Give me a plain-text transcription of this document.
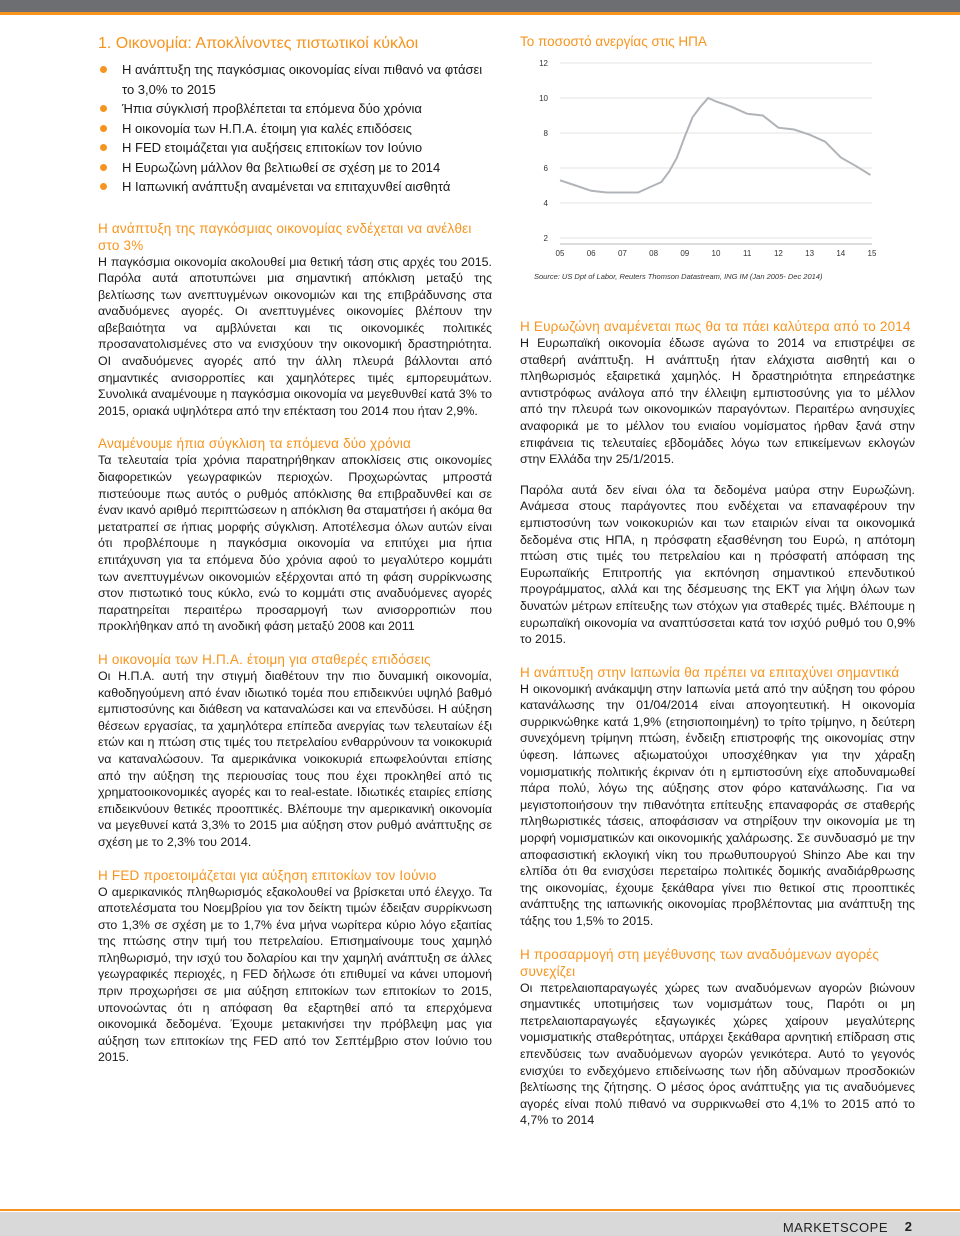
1. Οικονομία: Αποκλίνοντες πιστωτικοί κύκλοι
Η ανάπτυξη της παγκόσμιας οικονομίας είναι πιθανό να φτάσει το 3,0% το 2015
Ήπια σύγκλισή προβλέπεται τα επόμενα δύο χρόνια
Η οικονομία των Η.Π.Α. έτοιμη για καλές επιδόσεις
Η FED ετοιμάζεται για αυξήσεις επιτοκίων τον Ιούνιο
Η Ευρωζώνη μάλλον θα βελτιωθεί σε σχέση με το 2014
Η Ιαπωνική ανάπτυξη αναμένεται να επιταχυνθεί αισθητά
Η ανάπτυξη της παγκόσμιας οικονομίας ενδέχεται να ανέλθει στο 3%

Η παγκόσμια οικονομία ακολουθεί μια θετική τάση στις αρχές του 2015. Παρόλα αυτά αποτυπώνει μια σημαντική απόκλιση μεταξύ της βελτίωσης των ανεπτυγμένων οικονομιών και της επιβράδυνσης στα αναδυόμενες αγορές. Οι ανεπτυγμένες οικονομίες βλέπουν την αβεβαιότητα να αμβλύνεται και τις οικονομικές πολιτικές προσανατολισμένες στο να ενισχύουν την οικονομική δραστηριότητα. ΟΙ αναδυόμενες αγορές από την άλλη πλευρά βάλλονται από σημαντικές ανισορροπίες και χαμηλότερες τιμές εμπορευμάτων. Συνολικά αναμένουμε η παγκόσμια οικονομία να μεγεθυνθεί κατά 3% το 2015, οριακά υψηλότερα από την επέκταση του 2014 που ήταν 2,9%.

Αναμένουμε ήπια σύγκλιση τα επόμενα δύο χρόνια

Τα τελευταία τρία χρόνια παρατηρήθηκαν αποκλίσεις στις οικονομίες διαφορετικών γεωγραφικών περιοχών. Προχωρώντας μπροστά πιστεύουμε πως αυτός ο ρυθμός απόκλισης θα επιβραδυνθεί και σε έναν ικανό αριθμό περιπτώσεων η απόκλιση θα σταματήσει ή ακόμα θα μετατραπεί σε ήπιας μορφής σύγκλιση. Αποτέλεσμα όλων αυτών είναι ότι προβλέπουμε η παγκόσμια οικονομία να επιτύχει μια ήπια επιτάχυνση για τα επόμενα δύο χρόνια αφού το μεγαλύτερο κομμάτι των ανεπτυγμένων οικονομιών εξέρχονται από τη φάση συρρίκνωσης στον πιστωτικό τους κύκλο, ενώ το κομμάτι στις αναδυόμενες αγορές παρατηρείται περαιτέρω προσαρμογή των ανισορροπιών που προκλήθηκαν από τη ανοδική φάση μεταξύ 2008 και 2011

Η οικονομία των Η.Π.Α. έτοιμη για σταθερές επιδόσεις

Οι Η.Π.Α. αυτή την στιγμή διαθέτουν την πιο δυναμική οικονομία, καθοδηγούμενη από έναν ιδιωτικό τομέα που επιδεικνύει υψηλό βαθμό εμπιστοσύνης και διάθεση να καταναλώσει και να επενδύσει. Η αύξηση θέσεων εργασίας, τα χαμηλότερα επίπεδα ανεργίας των τελευταίων έξι ετών και η πτώση στις τιμές του πετρελαίου ενθαρρύνουν τα νοικοκυριά να καταναλώσουν. Τα αμερικάνικα νοικοκυριά επωφελούνται επίσης από την αύξηση της περιουσίας τους που έχει προκληθεί από τις χρηματοοικονομικές αγορές και το real-estate. Ιδιωτικές εταιρίες επίσης επιδεικνύουν θετικές προοπτικές. Βλέπουμε την αμερικανική οικονομία να μεγεθυνεί κατά 3,3% το 2015 μια αύξηση στον ρυθμό ανάπτυξης σε σχέση με το 2,3% του 2014.

Η FED προετοιμάζεται για αύξηση επιτοκίων τον Ιούνιο

Ο αμερικανικός πληθωρισμός εξακολουθεί να βρίσκεται υπό έλεγχο. Τα αποτελέσματα του Νοεμβρίου για τον δείκτη τιμών έδειξαν συρρίκνωση στο 1,3% σε σχέση με το 1,7% ένα μήνα νωρίτερα κύριο λόγο εξαιτίας της πτώσης στην τιμή του πετρελαίου. Επισημαίνουμε τους χαμηλό πληθωρισμό, την ισχύ του δολαρίου και την χαμηλή ανάπτυξη σε άλλες γεωγραφικές περιοχές, η FED δήλωσε ότι επιθυμεί να κάνει υπομονή πριν προχωρήσει σε μια αύξηση επιτοκίων των επιτοκίων το 2015, υπονοώντας ότι η απόφαση θα εξαρτηθεί από τα επερχόμενα οικονομικά δεδομένα. Έχουμε μετακινήσει την πρόβλεψη μας για αύξηση των επιτοκίων της FED από τον Σεπτέμβριο στον Ιούνιο του 2015.

Το ποσοστό ανεργίας στις ΗΠΑ
12
10
8
6
4
2
05	06	07	08	09	10	11	12	13	14	15
Source: US Dpt of Labor, Reuters Thomson Datastream, ING IM (Jan 2005- Dec 2014)
Η Ευρωζώνη αναμένεται πως θα τα πάει καλύτερα από το 2014

Η Ευρωπαϊκή οικονομία έδωσε αγώνα το 2014 να επιστρέψει σε σταθερή ανάπτυξη. Η ανάπτυξη ήταν ελάχιστα αισθητή και ο πληθωρισμός εξαιρετικά χαμηλός. Η δραστηριότητα επηρεάστηκε αντιστρόφως ανάλογα από την έλλειψη εμπιστοσύνης για το μέλλον από την πλευρά των οικονομικών παραγόντων. Περαιτέρω ανησυχίες αναφορικά με το μέλλον του ενιαίου νομίσματος ήρθαν ξανά στην επιφάνεια τις τελευταίες εβδομάδες λόγω των επικείμενων εκλογών στην Ελλάδα την 25/1/2015.

Παρόλα αυτά δεν είναι όλα τα δεδομένα μαύρα στην Ευρωζώνη. Ανάμεσα στους παράγοντες που ενδέχεται να επαναφέρουν την εμπιστοσύνη των νοικοκυριών και των εταιριών είναι τα οικονομικά δεδομένα στις ΗΠΑ, η πρόσφατη εξασθένηση του Ευρώ, η απότομη πτώση στις τιμές του πετρελαίου και η πρόσφατή απόφαση της Ευρωπαϊκής Επιτροπής για εκπόνηση σημαντικού επενδυτικού προγράμματος, αλλά και της δέσμευσης της ΕΚΤ για λήψη όλων των δυνατών μέτρων επίτευξης των στόχων για σταθερές τιμές. Βλέπουμε η ευρωπαϊκή οικονομία να αναπτύσσεται κατά τον ισχύό ρυθμό του 0,9% το 2015.

Η ανάπτυξη στην Ιαπωνία θα πρέπει να επιταχύνει σημαντικά

Η οικονομική ανάκαμψη στην Ιαπωνία μετά από την αύξηση του φόρου κατανάλωσης την 01/04/2014 είναι απογοητευτική. Η οικονομία συρρικνώθηκε κατά 1,9% (ετησιοποιημένη) το τρίτο τρίμηνο, η δεύτερη συνεχόμενη τρίμηνη πτώση, ένδειξη επιστροφής της οικονομίας στην ύφεση. Ιάπωνες αξιωματούχοι υποσχέθηκαν για την χάραξη νομισματικής πολιτικής έκριναν ότι η εμπιστοσύνη είχε αποδυναμωθεί πάρα πολύ, λόγω της αύξησης στον φόρο κατανάλωσης. Για να μεγιστοποιήσουν την πιθανότητα επίτευξης επαναφοράς σε σταθερής πληθωριστικές τάσεις, αποφάσισαν να στηρίξουν την οικονομία με τη μορφή νομισματικών και οικονομικής χαλάρωσης. Σε συνδυασμό με την αποφασιστική εκλογική νίκη του πρωθυπουργού Shinzo Abe και την ελπίδα ότι θα ενισχύσει περεταίρω πολιτικές δομικής αναδιάρθρωσης της οικονομίας, έχουμε ξεκάθαρα γίνει πιο θετικοί στις προοπτικές ανάπτυξης της ιαπωνικής οικονομίας προβλέποντας μια ανάπτυξη της τάξης του 1,5% το 2015.

Η προσαρμογή στη μεγέθυνσης των αναδυόμενων αγορές συνεχίζει

Οι πετρελαιοπαραγωγές χώρες των αναδυόμενων αγορών βιώνουν σημαντικές υποτιμήσεις των νομισμάτων τους, Παρότι οι μη πετρελαιοπαραγωγές εξαγωγικές χώρες χαίρουν μεγαλύτερης νομισματικής σταθερότητας, υπάρχει ξεκάθαρα αρνητική επίδραση στις επενδύσεις των αναδυόμενων αγορών γενικότερα. Αυτό το γεγονός ενισχύει το ενδεχόμενο επιδείνωσης των ήδη αδύναμων προσδοκιών βελτίωσης της ζήτησης. Ο μέσος όρος ανάπτυξης για τις αναδυόμενες αγορές είναι πολύ πιθανό να συρρικνωθεί στο 4,1% το 2015 από το 4,7% το 2014

MARKETSCOPE 2
